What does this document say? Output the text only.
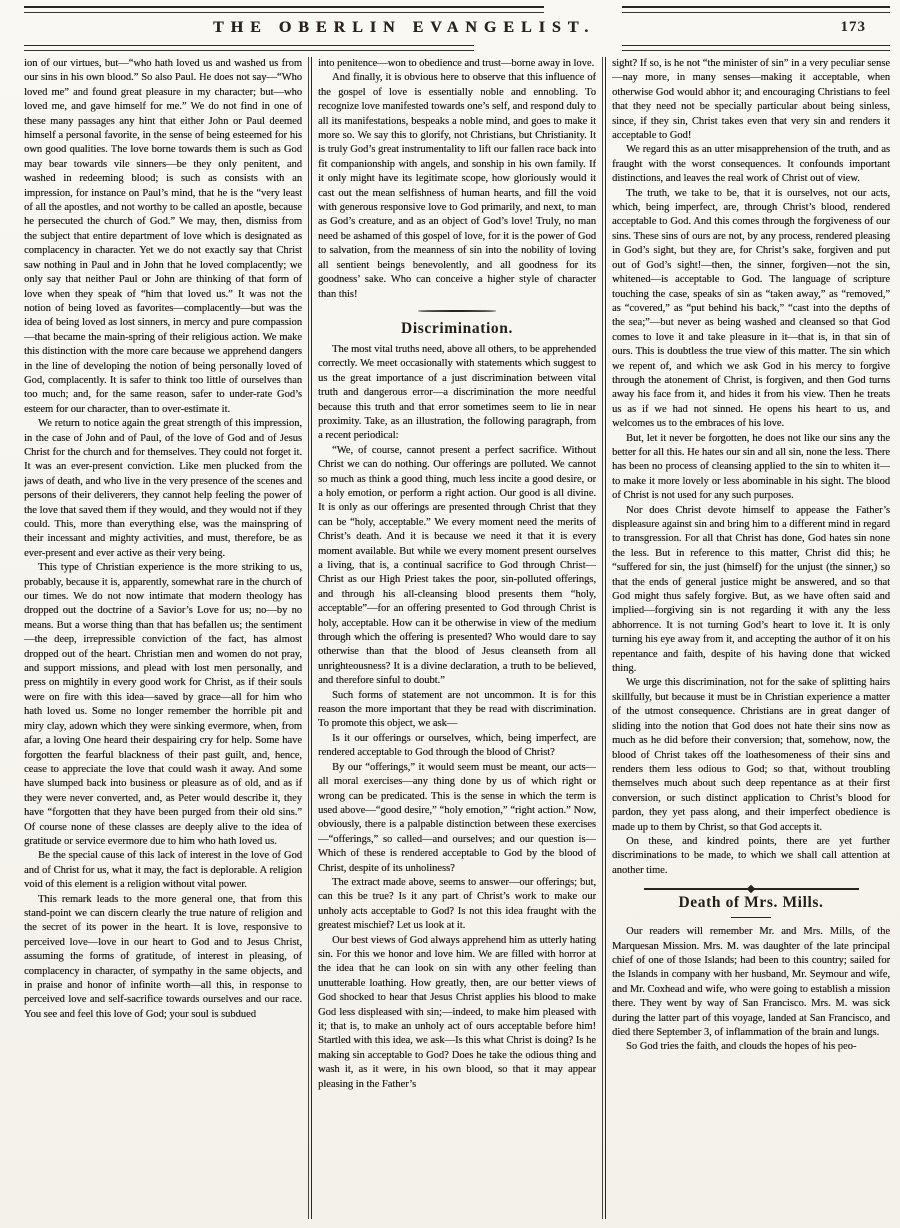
THE OBERLIN EVANGELIST.	173

ion of our virtues, but—“who hath loved us and washed us from our sins in his own blood.” So also Paul. He does not say—“Who loved me” and found great pleasure in my character; but—who loved me, and gave himself for me.” We do not find in one of these many passages any hint that either John or Paul deemed himself a personal favorite, in the sense of being esteemed for his own good qualities. The love borne towards them is such as God may bear towards vile sinners—be they only penitent, and washed in redeeming blood; is such as consists with an impression, for instance on Paul’s mind, that he is the “very least of all the apostles, and not worthy to be called an apostle, because he persecuted the church of God.” We may, then, dismiss from the subject that entire department of love which is designated as complacency in character. Yet we do not exactly say that Christ saw nothing in Paul and in John that he loved complacently; we only say that neither Paul or John are thinking of that form of love when they speak of “him that loved us.” It was not the notion of being loved as favorites—complacently—but was the idea of being loved as lost sinners, in mercy and pure compassion—that became the main-spring of their religious action. We make this distinction with the more care because we apprehend dangers in the line of developing the notion of being personally loved of God, complacently. It is safer to think too little of ourselves than too much; and, for the same reason, safer to under-rate God’s esteem for our character, than to over-estimate it.

We return to notice again the great strength of this impression, in the case of John and of Paul, of the love of God and of Jesus Christ for the church and for themselves. They could not forget it. It was an ever-present conviction. Like men plucked from the jaws of death, and who live in the very presence of the scenes and persons of their deliverers, they cannot help feeling the power of the love that saved them if they would, and they would not if they could. This, more than everything else, was the mainspring of their incessant and mighty activities, and must, therefore, be as ever-present and ever active as their very being.

This type of Christian experience is the more striking to us, probably, because it is, apparently, somewhat rare in the church of our times. We do not now intimate that modern theology has dropped out the doctrine of a Savior’s Love for us; no—by no means. But a worse thing than that has befallen us; the sentiment—the deep, irrepressible conviction of the fact, has almost dropped out of the heart. Christian men and women do not pray, and support missions, and plead with lost men personally, and press on mightily in every good work for Christ, as if their souls were on fire with this idea—saved by grace—all for him who hath loved us. Some no longer remember the horrible pit and miry clay, adown which they were sinking evermore, when, from afar, a loving One heard their despairing cry for help. Some have forgotten the fearful blackness of their past guilt, and, hence, cease to appreciate the love that could wash it away. And some have slumped back into business or pleasure as of old, and as if they were never converted, and, as Peter would describe it, they have “forgotten that they have been purged from their old sins.” Of course none of these classes are deeply alive to the idea of gratitude or service evermore due to him who hath loved us.

Be the special cause of this lack of interest in the love of God and of Christ for us, what it may, the fact is deplorable. A religion void of this element is a religion without vital power.

This remark leads to the more general one, that from this stand-point we can discern clearly the true nature of religion and the secret of its power in the heart. It is love, responsive to perceived love—love in our heart to God and to Jesus Christ, assuming the forms of gratitude, of interest in pleasing, of complacency in character, of sympathy in the same objects, and in praise and honor of infinite worth—all this, in response to perceived love and self-sacrifice towards ourselves and our race. You see and feel this love of God; your soul is subdued

into penitence—won to obedience and trust—borne away in love.

And finally, it is obvious here to observe that this influence of the gospel of love is essentially noble and ennobling. To recognize love manifested towards one’s self, and respond duly to all its manifestations, bespeaks a noble mind, and goes to make it more so. We say this to glorify, not Christians, but Christianity. It is truly God’s great instrumentality to lift our fallen race back into fit companionship with angels, and sonship in his own family. If it only might have its legitimate scope, how gloriously would it cast out the mean selfishness of human hearts, and fill the void with generous responsive love to God primarily, and next, to man as God’s creature, and as an object of God’s love! Truly, no man need be ashamed of this gospel of love, for it is the power of God to salvation, from the meanness of sin into the nobility of loving all sentient beings benevolently, and all goodness for its goodness’ sake. Who can conceive a higher style of character than this!

Discrimination.

The most vital truths need, above all others, to be apprehended correctly. We meet occasionally with statements which suggest to us the great importance of a just discrimination between vital truth and dangerous error—a discrimination the more needful because this truth and that error sometimes seem to lie in near proximity. Take, as an illustration, the following paragraph, from a recent periodical:

“We, of course, cannot present a perfect sacrifice. Without Christ we can do nothing. Our offerings are polluted. We cannot so much as think a good thing, much less incite a good desire, or a holy emotion, or perform a right action. Our good is all divine. It is only as our offerings are presented through Christ that they can be “holy, acceptable.” We every moment need the merits of Christ’s death. And it is because we need it that it is every moment available. But while we every moment present ourselves a living, that is, a continual sacrifice to God through Christ—Christ as our High Priest takes the poor, sin-polluted offerings, and through his all-cleansing blood presents them “holy, acceptable”—for an offering presented to God through Christ is holy, acceptable. How can it be otherwise in view of the medium through which the offering is presented? Who would dare to say otherwise than that the blood of Jesus cleanseth from all unrighteousness? It is a divine declaration, a truth to be believed, and therefore sinful to doubt.”

Such forms of statement are not uncommon. It is for this reason the more important that they be read with discrimination. To promote this object, we ask—

Is it our offerings or ourselves, which, being imperfect, are rendered acceptable to God through the blood of Christ?

By our “offerings,” it would seem must be meant, our acts—all moral exercises—any thing done by us of which right or wrong can be predicated. This is the sense in which the term is used above—“good desire,” “holy emotion,” “right action.” Now, obviously, there is a palpable distinction between these exercises—“offerings,” so called—and ourselves; and our question is—Which of these is rendered acceptable to God by the blood of Christ, despite of its unholiness?

The extract made above, seems to answer—our offerings; but, can this be true? Is it any part of Christ’s work to make our unholy acts acceptable to God? Is not this idea fraught with the greatest mischief? Let us look at it.

Our best views of God always apprehend him as utterly hating sin. For this we honor and love him. We are filled with horror at the idea that he can look on sin with any other feeling than unutterable loathing. How greatly, then, are our better views of God shocked to hear that Jesus Christ applies his blood to make God less displeased with sin;—indeed, to make him pleased with it; that is, to make an unholy act of ours acceptable before him! Startled with this idea, we ask—Is this what Christ is doing? Is he making sin acceptable to God? Does he take the odious thing and wash it, as it were, in his own blood, so that it may appear pleasing in the Father’s

sight? If so, is he not “the minister of sin” in a very peculiar sense—nay more, in many senses—making it acceptable, when otherwise God would abhor it; and encouraging Christians to feel that they need not be specially particular about being sinless, since, if they sin, Christ takes even that very sin and renders it acceptable to God!

We regard this as an utter misapprehension of the truth, and as fraught with the worst consequences. It confounds important distinctions, and leaves the real work of Christ out of view.

The truth, we take to be, that it is ourselves, not our acts, which, being imperfect, are, through Christ’s blood, rendered acceptable to God. And this comes through the forgiveness of our sins. These sins of ours are not, by any process, rendered pleasing in God’s sight, but they are, for Christ’s sake, forgiven and put out of God’s sight!—then, the sinner, forgiven—not the sin, whitened—is acceptable to God. The language of scripture touching the case, speaks of sin as “taken away,” as “removed,” as “covered,” as “put behind his back,” “cast into the depths of the sea;”—but never as being washed and cleansed so that God comes to love it and take pleasure in it—that is, in that sin of ours. This is doubtless the true view of this matter. The sin which we repent of, and which we ask God in his mercy to forgive through the atonement of Christ, is forgiven, and then God turns away his face from it, and hides it from his view. Then he treats us as if we had not sinned. He opens his heart to us, and welcomes us to the embraces of his love.

But, let it never be forgotten, he does not like our sins any the better for all this. He hates our sin and all sin, none the less. There has been no process of cleansing applied to the sin to whiten it—to make it more lovely or less abominable in his sight. The blood of Christ is not used for any such purposes.

Nor does Christ devote himself to appease the Father’s displeasure against sin and bring him to a different mind in regard to transgression. For all that Christ has done, God hates sin none the less. But in reference to this matter, Christ did this; he “suffered for sin, the just (himself) for the unjust (the sinner,) so that the ends of general justice might be answered, and so that God might thus safely forgive. But, as we have often said and implied—forgiving sin is not regarding it with any the less abhorrence. It is not turning God’s heart to love it. It is only turning his eye away from it, and accepting the author of it on his repentance and faith, despite of his having done that wicked thing.

We urge this discrimination, not for the sake of splitting hairs skillfully, but because it must be in Christian experience a matter of the utmost consequence. Christians are in great danger of sliding into the notion that God does not hate their sins now as much as he did before their conversion; that, somehow, now, the blood of Christ takes off the loathesomeness of their sins and renders them less odious to God; so that, without troubling themselves much about such deep repentance as at their first conversion, or such distinct application to Christ’s blood for pardon, they yet pass along, and their imperfect obedience is made up to them by Christ, so that God accepts it.

On these, and kindred points, there are yet further discriminations to be made, to which we shall call attention at another time.

Death of Mrs. Mills.

Our readers will remember Mr. and Mrs. Mills, of the Marquesan Mission. Mrs. M. was daughter of the late principal chief of one of those Islands; had been to this country; sailed for the Islands in company with her husband, Mr. Seymour and wife, and Mr. Coxhead and wife, who were going to establish a mission there. They went by way of San Francisco. Mrs. M. was sick during the latter part of this voyage, landed at San Francisco, and died there September 3, of inflammation of the brain and lungs.

So God tries the faith, and clouds the hopes of his peo-
